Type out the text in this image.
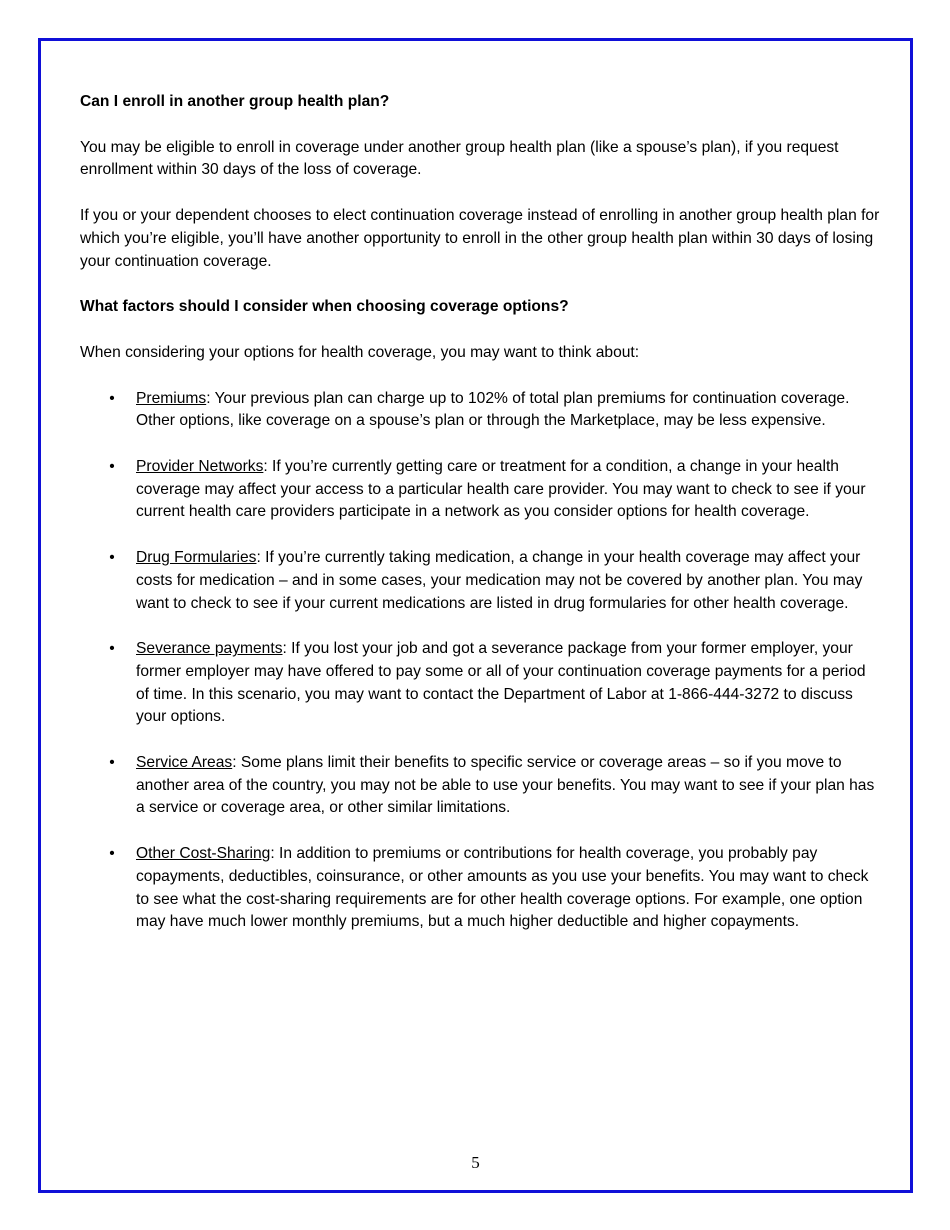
Can I enroll in another group health plan?
You may be eligible to enroll in coverage under another group health plan (like a spouse’s plan), if you request enrollment within 30 days of the loss of coverage.
If you or your dependent chooses to elect continuation coverage instead of enrolling in another group health plan for which you’re eligible, you’ll have another opportunity to enroll in the other group health plan within 30 days of losing your continuation coverage.
What factors should I consider when choosing coverage options?
When considering your options for health coverage, you may want to think about:
• Premiums: Your previous plan can charge up to 102% of total plan premiums for continuation coverage. Other options, like coverage on a spouse’s plan or through the Marketplace, may be less expensive.
• Provider Networks: If you’re currently getting care or treatment for a condition, a change in your health coverage may affect your access to a particular health care provider. You may want to check to see if your current health care providers participate in a network as you consider options for health coverage.
• Drug Formularies: If you’re currently taking medication, a change in your health coverage may affect your costs for medication – and in some cases, your medication may not be covered by another plan. You may want to check to see if your current medications are listed in drug formularies for other health coverage.
• Severance payments: If you lost your job and got a severance package from your former employer, your former employer may have offered to pay some or all of your continuation coverage payments for a period of time. In this scenario, you may want to contact the Department of Labor at 1-866-444-3272 to discuss your options.
• Service Areas: Some plans limit their benefits to specific service or coverage areas – so if you move to another area of the country, you may not be able to use your benefits. You may want to see if your plan has a service or coverage area, or other similar limitations.
• Other Cost-Sharing: In addition to premiums or contributions for health coverage, you probably pay copayments, deductibles, coinsurance, or other amounts as you use your benefits. You may want to check to see what the cost-sharing requirements are for other health coverage options. For example, one option may have much lower monthly premiums, but a much higher deductible and higher copayments.
5
